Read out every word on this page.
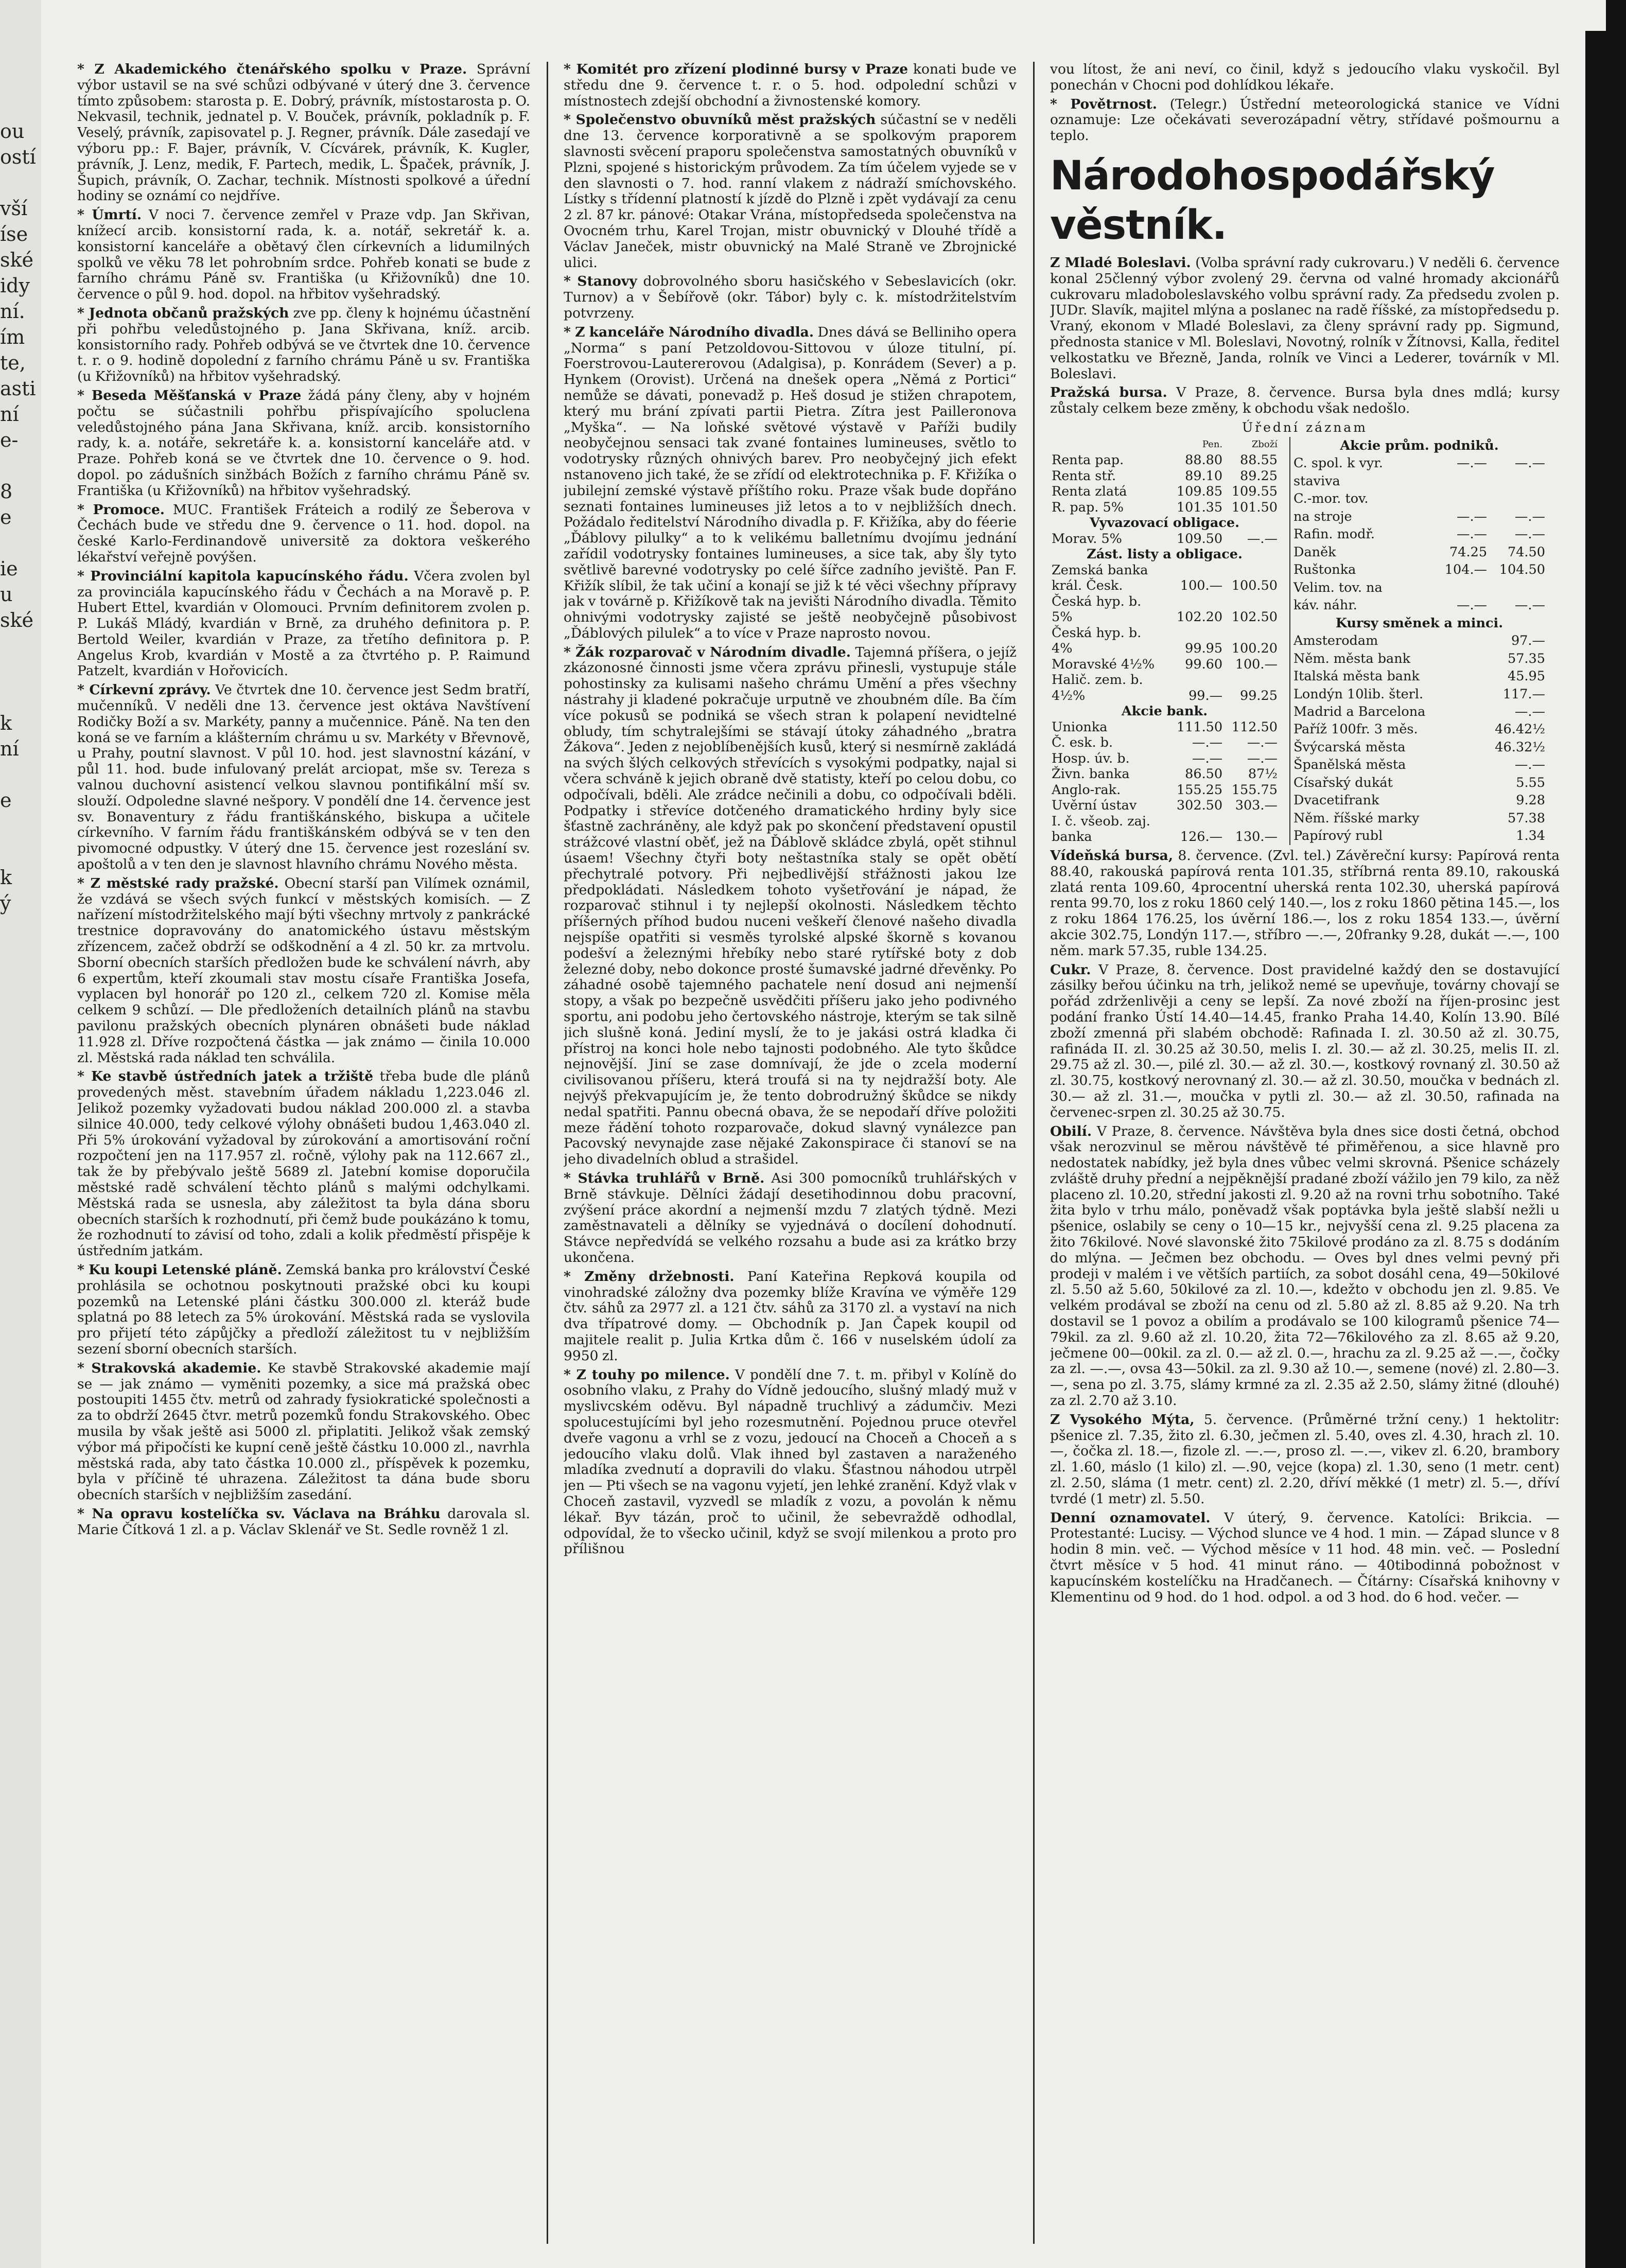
ou
ostí

vší
íse
ské
idy
ní.
ím
te,
asti
ní
e-

8
e

ie
u
ské

k
ní

e

k
ý

* Z Akademického čtenářského spolku v Praze. Správní výbor ustavil se na své schůzi odbývané v úterý dne 3. července tímto způsobem: starosta p. E. Dobrý, právník, místostarosta p. O. Nekvasil, technik, jednatel p. V. Bouček, právník, pokladník p. F. Veselý, právník, zapisovatel p. J. Regner, právník. Dále zasedají ve výboru pp.: F. Bajer, právník, V. Cícvárek, právník, K. Kugler, právník, J. Lenz, medik, F. Partech, medik, L. Špaček, právník, J. Šupich, právník, O. Zachar, technik. Místnosti spolkové a úřední hodiny se oznámí co nejdříve.

* Úmrtí. V noci 7. července zemřel v Praze vdp. Jan Skřivan, knížecí arcib. konsistorní rada, k. a. notář, sekretář k. a. konsistorní kanceláře a obětavý člen církevních a lidumilných spolků ve věku 78 let pohrobním srdce. Pohřeb konati se bude z farního chrámu Páně sv. Františka (u Křižovníků) dne 10. července o půl 9. hod. dopol. na hřbitov vyšehradský.

* Jednota občanů pražských zve pp. členy k hojnému účastnění při pohřbu veledůstojného p. Jana Skřivana, kníž. arcib. konsistorního rady. Pohřeb odbývá se ve čtvrtek dne 10. července t. r. o 9. hodině dopolední z farního chrámu Páně u sv. Františka (u Křižovníků) na hřbitov vyšehradský.

* Beseda Měšťanská v Praze žádá pány členy, aby v hojném počtu se súčastnili pohřbu přispívajícího spoluclena veledůstojného pána Jana Skřivana, kníž. arcib. konsistorního rady, k. a. notáře, sekretáře k. a. konsistorní kanceláře atd. v Praze. Pohřeb koná se ve čtvrtek dne 10. července o 9. hod. dopol. po zádušních sinžbách Božích z farního chrámu Páně sv. Františka (u Křižovníků) na hřbitov vyšehradský.

* Promoce. MUC. František Fráteich a rodilý ze Šeberova v Čechách bude ve středu dne 9. července o 11. hod. dopol. na české Karlo-Ferdinandově universitě za doktora veškerého lékařství veřejně povýšen.

* Provinciální kapitola kapucínského řádu. Včera zvolen byl za provinciála kapucínského řádu v Čechách a na Moravě p. P. Hubert Ettel, kvardián v Olomouci. Prvním definitorem zvolen p. P. Lukáš Mládý, kvardián v Brně, za druhého definitora p. P. Bertold Weiler, kvardián v Praze, za třetího definitora p. P. Angelus Krob, kvardián v Mostě a za čtvrtého p. P. Raimund Patzelt, kvardián v Hořovicích.

* Církevní zprávy. Ve čtvrtek dne 10. července jest Sedm bratří, mučenníků. V neděli dne 13. července jest oktáva Navštívení Rodičky Boží a sv. Markéty, panny a mučennice. Páně. Na ten den koná se ve farním a klášterním chrámu u sv. Markéty v Břevnově, u Prahy, poutní slavnost. V půl 10. hod. jest slavnostní kázání, v půl 11. hod. bude infulovaný prelát arciopat, mše sv. Tereza s valnou duchovní asistencí velkou slavnou pontifikální mší sv. slouží. Odpoledne slavné nešpory. V pondělí dne 14. července jest sv. Bonaventury z řádu františkánského, biskupa a učitele církevního. V farním řádu františkánském odbývá se v ten den pivomocné odpustky. V úterý dne 15. července jest rozeslání sv. apoštolů a v ten den je slavnost hlavního chrámu Nového města.

* Z městské rady pražské. Obecní starší pan Vilímek oznámil, že vzdává se všech svých funkcí v městských komisích. — Z nařízení místodržitelského mají býti všechny mrtvoly z pankrácké trestnice dopravovány do anatomického ústavu městským zřízencem, začež obdrží se odškodnění a 4 zl. 50 kr. za mrtvolu. Sborní obecních starších předložen bude ke schválení návrh, aby 6 expertům, kteří zkoumali stav mostu císaře Františka Josefa, vyplacen byl honorář po 120 zl., celkem 720 zl. Komise měla celkem 9 schůzí. — Dle předloženích detailních plánů na stavbu pavilonu pražských obecních plynáren obnášeti bude náklad 11.928 zl. Dříve rozpočtená částka — jak známo — činila 10.000 zl. Městská rada náklad ten schválila.

* Ke stavbě ústředních jatek a tržiště třeba bude dle plánů provedených měst. stavebním úřadem nákladu 1,223.046 zl. Jelikož pozemky vyžadovati budou náklad 200.000 zl. a stavba silnice 40.000, tedy celkové výlohy obnášeti budou 1,463.040 zl. Při 5% úrokování vyžadoval by zúrokování a amortisování roční rozpočtení jen na 117.957 zl. ročně, výlohy pak na 112.667 zl., tak že by přebývalo ještě 5689 zl. Jatební komise doporučila městské radě schválení těchto plánů s malými odchylkami. Městská rada se usnesla, aby záležitost ta byla dána sboru obecních starších k rozhodnutí, při čemž bude poukázáno k tomu, že rozhodnutí to závisí od toho, zdali a kolik předměstí přispěje k ústředním jatkám.

* Ku koupi Letenské pláně. Zemská banka pro království České prohlásila se ochotnou poskytnouti pražské obci ku koupi pozemků na Letenské pláni částku 300.000 zl. kteráž bude splatná po 88 letech za 5% úrokování. Městská rada se vyslovila pro přijetí této zápůjčky a předloží záležitost tu v nejbližším sezení sborní obecních starších.

* Strakovská akademie. Ke stavbě Strakovské akademie mají se — jak známo — vyměniti pozemky, a sice má pražská obec postoupiti 1455 čtv. metrů od zahrady fysiokratické společnosti a za to obdrží 2645 čtvr. metrů pozemků fondu Strakovského. Obec musila by však ještě asi 5000 zl. připlatiti. Jelikož však zemský výbor má připočísti ke kupní ceně ještě částku 10.000 zl., navrhla městská rada, aby tato částka 10.000 zl., příspěvek k pozemku, byla v příčině té uhrazena. Záležitost ta dána bude sboru obecních starších v nejbližším zasedání.

* Na opravu kostelíčka sv. Václava na Bráhku darovala sl. Marie Čítková 1 zl. a p. Václav Sklenář ve St. Sedle rovněž 1 zl.

* Komitét pro zřízení plodinné bursy v Praze konati bude ve středu dne 9. července t. r. o 5. hod. odpolední schůzi v místnostech zdejší obchodní a živnostenské komory.

* Společenstvo obuvníků měst pražských súčastní se v neděli dne 13. července korporativně a se spolkovým praporem slavnosti svěcení praporu společenstva samostatných obuvníků v Plzni, spojené s historickým průvodem. Za tím účelem vyjede se v den slavnosti o 7. hod. ranní vlakem z nádraží smíchovského. Lístky s třídenní platností k jízdě do Plzně i zpět vydávají za cenu 2 zl. 87 kr. pánové: Otakar Vrána, místopředseda společenstva na Ovocném trhu, Karel Trojan, mistr obuvnický v Dlouhé třídě a Václav Janeček, mistr obuvnický na Malé Straně ve Zbrojnické ulici.

* Stanovy dobrovolného sboru hasičského v Sebeslavicích (okr. Turnov) a v Šebířově (okr. Tábor) byly c. k. místodržitelstvím potvrzeny.

* Z kanceláře Národního divadla. Dnes dává se Belliniho opera „Norma“ s paní Petzoldovou-Sittovou v úloze titulní, pí. Foerstrovou-Lautererovou (Adalgisa), p. Konrádem (Sever) a p. Hynkem (Orovist). Určená na dnešek opera „Němá z Portici“ nemůže se dávati, ponevadž p. Heš dosud je stižen chrapotem, který mu brání zpívati partii Pietra. Zítra jest Pailleronova „Myška“. — Na loňské světové výstavě v Paříži budily neobyčejnou sensaci tak zvané fontaines lumineuses, světlo to vodotrysky různých ohnivých barev. Pro neobyčejný jich efekt nstanoveno jich také, že se zřídí od elektrotechnika p. F. Křižíka o jubilejní zemské výstavě příštího roku. Praze však bude dopřáno seznati fontaines lumineuses již letos a to v nejbližších dnech. Požádalo ředitelství Národního divadla p. F. Křižíka, aby do féerie „Ďáblovy pilulky“ a to k velikému balletnímu dvojímu jednání zařídil vodotrysky fontaines lumineuses, a sice tak, aby šly tyto světlivě barevné vodotrysky po celé šířce zadního jeviště. Pan F. Křižík slíbil, že tak učiní a konají se již k té věci všechny přípravy jak v továrně p. Křižíkově tak na jevišti Národního divadla. Těmito ohnivými vodotrysky zajisté se ještě neobyčejně působivost „Ďáblových pilulek“ a to více v Praze naprosto novou.

* Žák rozparovač v Národním divadle. Tajemná příšera, o jejíž zkázonosné činnosti jsme včera zprávu přinesli, vystupuje stále pohostinsky za kulisami našeho chrámu Umění a přes všechny nástrahy ji kladené pokračuje urputně ve zhoubném díle. Ba čím více pokusů se podniká se všech stran k polapení nevidtelné obludy, tím schytralejšími se stávají útoky záhadného „bratra Žákova“. Jeden z nejoblíbenějších kusů, který si nesmírně zakládá na svých šlých celkových střevících s vysokými podpatky, najal si včera schváně k jejich obraně dvě statisty, kteří po celou dobu, co odpočívali, bděli. Ale zrádce nečinili a dobu, co odpočívali bděli. Podpatky i střevíce dotčeného dramatického hrdiny byly sice šťastně zachráněny, ale když pak po skončení představení opustil strážcové vlastní oběť, jež na Ďáblově skládce zbylá, opět stihnul úsaem! Všechny čtyři boty neštastníka staly se opět obětí přechytralé potvory. Při nejbedlivější střážnosti jakou lze předpokládati. Následkem tohoto vyšetřování je nápad, že rozparovač stihnul i ty nejlepší okolnosti. Následkem těchto příšerných příhod budou nuceni veškeří členové našeho divadla nejspíše opatřiti si vesměs tyrolské alpské škorně s kovanou podešví a železnými hřebíky nebo staré rytířské boty z dob železné doby, nebo dokonce prosté šumavské jadrné dřevěnky. Po záhadné osobě tajemného pachatele není dosud ani nejmenší stopy, a však po bezpečně usvědčiti příšeru jako jeho podivného sportu, ani podobu jeho čertovského nástroje, kterým se tak silně jich slušně koná. Jediní myslí, že to je jakási ostrá kladka či přístroj na konci hole nebo tajnosti podobného. Ale tyto škůdce nejnovější. Jiní se zase domnívají, že jde o zcela moderní civilisovanou příšeru, která troufá si na ty nejdražší boty. Ale nejvýš překvapujícím je, že tento dobrodružný škůdce se nikdy nedal spatřiti. Pannu obecná obava, že se nepodaří dříve položiti meze řádění tohoto rozparovače, dokud slavný vynálezce pan Pacovský nevynajde zase nějaké Zakonspirace či stanoví se na jeho divadelních oblud a strašidel.

* Stávka truhlářů v Brně. Asi 300 pomocníků truhlářských v Brně stávkuje. Dělníci žádají desetihodinnou dobu pracovní, zvýšení práce akordní a nejmenší mzdu 7 zlatých týdně. Mezi zaměstnavateli a dělníky se vyjednává o docílení dohodnutí. Stávce nepředvídá se velkého rozsahu a bude asi za krátko brzy ukončena.

* Změny držebnosti. Paní Kateřina Repková koupila od vinohradské záložny dva pozemky blíže Kravína ve výměře 129 čtv. sáhů za 2977 zl. a 121 čtv. sáhů za 3170 zl. a vystaví na nich dva třípatrové domy. — Obchodník p. Jan Čapek koupil od majitele realit p. Julia Krtka dům č. 166 v nuselském údolí za 9950 zl.

* Z touhy po milence. V pondělí dne 7. t. m. přibyl v Kolíně do osobního vlaku, z Prahy do Vídně jedoucího, slušný mladý muž v myslivcském oděvu. Byl nápadně truchlivý a zádumčiv. Mezi spolucestujícími byl jeho rozesmutnění. Pojednou pruce otevřel dveře vagonu a vrhl se z vozu, jedoucí na Choceň a Choceň a s jedoucího vlaku dolů. Vlak ihned byl zastaven a naraženého mladíka zvednutí a dopravili do vlaku. Šťastnou náhodou utrpěl jen — Pti všech se na vagonu vyjetí, jen lehké zranění. Když vlak v Choceň zastavil, vyzvedl se mladík z vozu, a povolán k němu lékař. Byv tázán, proč to učinil, že sebevraždě odhodlal, odpovídal, že to všecko učinil, když se svojí milenkou a proto pro přílišnou

vou lítost, že ani neví, co činil, když s jedoucího vlaku vyskočil. Byl ponechán v Chocni pod dohlídkou lékaře.

* Povětrnost. (Telegr.) Ústřední meteorologická stanice ve Vídni oznamuje: Lze očekávati severozápadní větry, střídavé pošmournu a teplo.

Národohospodářský věstník.

Z Mladé Boleslavi. (Volba správní rady cukrovaru.) V neděli 6. července konal 25členný výbor zvolený 29. června od valné hromady akcionářů cukrovaru mladoboleslavského volbu správní rady. Za předsedu zvolen p. JUDr. Slavík, majitel mlýna a poslanec na radě říšské, za místopředsedu p. Vraný, ekonom v Mladé Boleslavi, za členy správní rady pp. Sigmund, přednosta stanice v Ml. Boleslavi, Novotný, rolník v Žítnovsi, Kalla, ředitel velkostatku ve Březně, Janda, rolník ve Vinci a Lederer, továrník v Ml. Boleslavi.

Pražská bursa. V Praze, 8. července. Bursa byla dnes mdlá; kursy zůstaly celkem beze změny, k obchodu však nedošlo.

Úřední záznam
	Pen.	Zboží
Renta pap.	88.80	88.55
Renta stř.	89.10	89.25
Renta zlatá	109.85	109.55
R. pap. 5%	101.35	101.50
Vyvazovací obligace.		
Morav. 5%	109.50	—.—
Zást. listy a obligace.		
Zemská banka		
král. Česk.	100.—	100.50
Česká hyp. b.		
5%	102.20	102.50
Česká hyp. b.		
4%	99.95	100.20
Moravské 4½%	99.60	100.—
Halič. zem. b.		
4½%	99.—	99.25
Akcie bank.		
Unionka	111.50	112.50
Č. esk. b.	—.—	—.—
Hosp. úv. b.	—.—	—.—
Živn. banka	86.50	87½
Anglo-rak.	155.25	155.75
Uvěrní ústav	302.50	303.—
I. č. všeob. zaj.		
banka	126.—	130.—
Akcie prům. podniků.		
C. spol. k vyr.	—.—	—.—
staviva		
C.-mor. tov.		
na stroje	—.—	—.—
Rafin. modř.	—.—	—.—
Daněk	74.25	74.50
Ruštonka	104.—	104.50
Velim. tov. na		
káv. náhr.	—.—	—.—
Kursy směnek a minci.		
Amsterodam		97.—
Něm. města bank		57.35
Italská města bank		45.95
Londýn 10lib. šterl.		117.—
Madrid a Barcelona		—.—
Paříž 100fr. 3 měs.		46.42½
Švýcarská města		46.32½
Španělská města		—.—
Císařský dukát		5.55
Dvacetifrank		9.28
Něm. říšské marky		57.38
Papírový rubl		1.34

Vídeňská bursa, 8. července. (Zvl. tel.) Závěreční kursy: Papírová renta 88.40, rakouská papírová renta 101.35, stříbrná renta 89.10, rakouská zlatá renta 109.60, 4procentní uherská renta 102.30, uherská papírová renta 99.70, los z roku 1860 celý 140.—, los z roku 1860 pětina 145.—, los z roku 1864 176.25, los úvěrní 186.—, los z roku 1854 133.—, úvěrní akcie 302.75, Londýn 117.—, stříbro —.—, 20franky 9.28, dukát —.—, 100 něm. mark 57.35, ruble 134.25.

Cukr. V Praze, 8. července. Dost pravidelné každý den se dostavující zásilky beřou účinku na trh, jelikož nemé se upevňuje, továrny chovají se pořád zdrženlivěji a ceny se lepší. Za nové zboží na říjen-prosinc jest podání franko Ústí 14.40—14.45, franko Praha 14.40, Kolín 13.90. Bílé zboží zmenná při slabém obchodě: Rafinada I. zl. 30.50 až zl. 30.75, rafináda II. zl. 30.25 až 30.50, melis I. zl. 30.— až zl. 30.25, melis II. zl. 29.75 až zl. 30.—, pilé zl. 30.— až zl. 30.—, kostkový rovnaný zl. 30.50 až zl. 30.75, kostkový nerovnaný zl. 30.— až zl. 30.50, moučka v bednách zl. 30.— až zl. 31.—, moučka v pytli zl. 30.— až zl. 30.50, rafinada na červenec-srpen zl. 30.25 až 30.75.

Obilí. V Praze, 8. července. Návštěva byla dnes sice dosti četná, obchod však nerozvinul se měrou návštěvě té přiměřenou, a sice hlavně pro nedostatek nabídky, jež byla dnes vůbec velmi skrovná. Pšenice scházely zvláště druhy přední a nejpěknější pradané zboží vážilo jen 79 kilo, za něž placeno zl. 10.20, střední jakosti zl. 9.20 až na rovni trhu sobotního. Také žita bylo v trhu málo, poněvadž však poptávka byla ještě slabší nežli u pšenice, oslabily se ceny o 10—15 kr., nejvyšší cena zl. 9.25 placena za žito 76kilové. Nové slavonské žito 75kilové prodáno za zl. 8.75 s dodáním do mlýna. — Ječmen bez obchodu. — Oves byl dnes velmi pevný při prodeji v malém i ve větších partiích, za sobot dosáhl cena, 49—50kilové zl. 5.50 až 5.60, 50kilové za zl. 10.—, kdežto v obchodu jen zl. 9.85. Ve velkém prodával se zboží na cenu od zl. 5.80 až zl. 8.85 až 9.20. Na trh dostavil se 1 povoz a obilím a prodávalo se 100 kilogramů pšenice 74—79kil. za zl. 9.60 až zl. 10.20, žita 72—76kilového za zl. 8.65 až 9.20, ječmene 00—00kil. za zl. 0.— až zl. 0.—, hrachu za zl. 9.25 až —.—, čočky za zl. —.—, ovsa 43—50kil. za zl. 9.30 až 10.—, semene (nové) zl. 2.80—3.—, sena po zl. 3.75, slámy krmné za zl. 2.35 až 2.50, slámy žitné (dlouhé) za zl. 2.70 až 3.10.

Z Vysokého Mýta, 5. července. (Průměrné tržní ceny.) 1 hektolitr: pšenice zl. 7.35, žito zl. 6.30, ječmen zl. 5.40, oves zl. 4.30, hrach zl. 10.—, čočka zl. 18.—, fizole zl. —.—, proso zl. —.—, vikev zl. 6.20, brambory zl. 1.60, máslo (1 kilo) zl. —.90, vejce (kopa) zl. 1.30, seno (1 metr. cent) zl. 2.50, sláma (1 metr. cent) zl. 2.20, dříví měkké (1 metr) zl. 5.—, dříví tvrdé (1 metr) zl. 5.50.

Denní oznamovatel. V úterý, 9. července. Katolíci: Brikcia. — Protestanté: Lucisy. — Východ slunce ve 4 hod. 1 min. — Západ slunce v 8 hodin 8 min. več. — Východ měsíce v 11 hod. 48 min. več. — Poslední čtvrt měsíce v 5 hod. 41 minut ráno. — 40tibodinná pobožnost v kapucínském kostelíčku na Hradčanech. — Čítárny: Císařská knihovny v Klementinu od 9 hod. do 1 hod. odpol. a od 3 hod. do 6 hod. večer. —
